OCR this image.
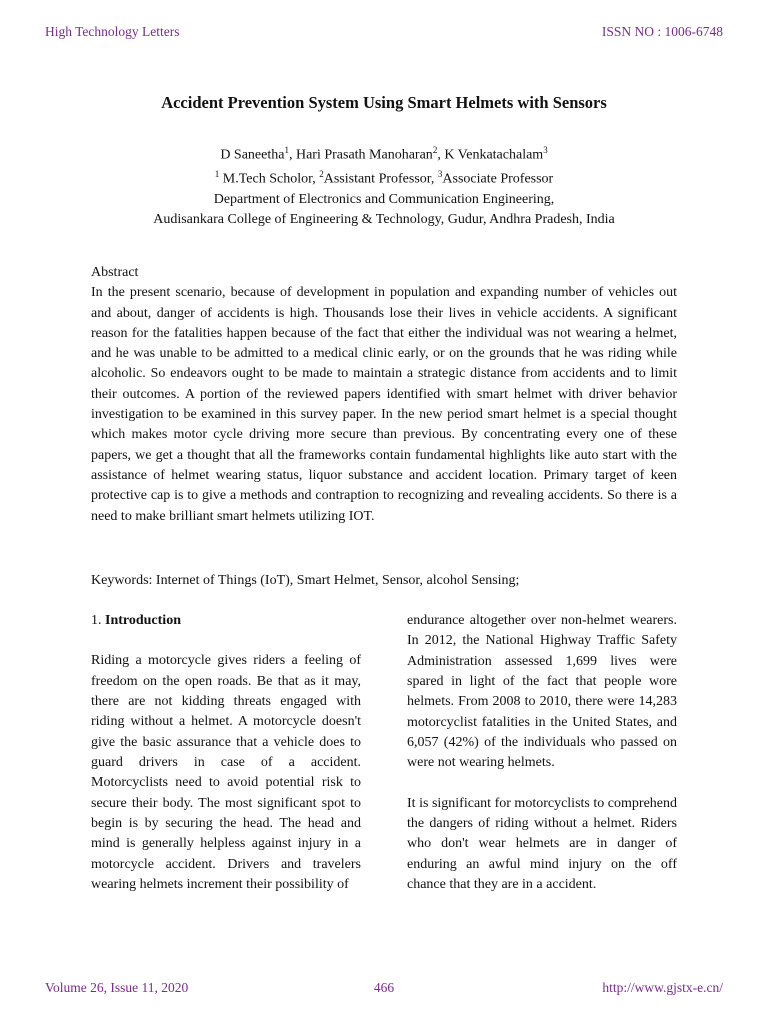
High Technology Letters	ISSN NO : 1006-6748
Accident Prevention System Using Smart Helmets with Sensors
D Saneetha$^1$, Hari Prasath Manoharan$^2$, K Venkatachalam$^3$
$^1$ M.Tech Scholor, $^2$Assistant Professor, $^3$Associate Professor
Department of Electronics and Communication Engineering,
Audisankara College of Engineering & Technology, Gudur, Andhra Pradesh, India

Abstract

In the present scenario, because of development in population and expanding number of vehicles out and about, danger of accidents is high. Thousands lose their lives in vehicle accidents. A significant reason for the fatalities happen because of the fact that either the individual was not wearing a helmet, and he was unable to be admitted to a medical clinic early, or on the grounds that he was riding while alcoholic. So endeavors ought to be made to maintain a strategic distance from accidents and to limit their outcomes. A portion of the reviewed papers identified with smart helmet with driver behavior investigation to be examined in this survey paper. In the new period smart helmet is a special thought which makes motor cycle driving more secure than previous. By concentrating every one of these papers, we get a thought that all the frameworks contain fundamental highlights like auto start with the assistance of helmet wearing status, liquor substance and accident location. Primary target of keen protective cap is to give a methods and contraption to recognizing and revealing accidents. So there is a need to make brilliant smart helmets utilizing IOT.

Keywords: Internet of Things (IoT), Smart Helmet, Sensor, alcohol Sensing;
1. Introduction

Riding a motorcycle gives riders a feeling of freedom on the open roads. Be that as it may, there are not kidding threats engaged with riding without a helmet. A motorcycle doesn't give the basic assurance that a vehicle does to guard drivers in case of a accident. Motorcyclists need to avoid potential risk to secure their body. The most significant spot to begin is by securing the head. The head and mind is generally helpless against injury in a motorcycle accident. Drivers and travelers wearing helmets increment their possibility of

endurance altogether over non-helmet wearers. In 2012, the National Highway Traffic Safety Administration assessed 1,699 lives were spared in light of the fact that people wore helmets. From 2008 to 2010, there were 14,283 motorcyclist fatalities in the United States, and 6,057 (42%) of the individuals who passed on were not wearing helmets.

It is significant for motorcyclists to comprehend the dangers of riding without a helmet. Riders who don't wear helmets are in danger of enduring an awful mind injury on the off chance that they are in a accident.

Volume 26, Issue 11, 2020	466	http://www.gjstx-e.cn/
